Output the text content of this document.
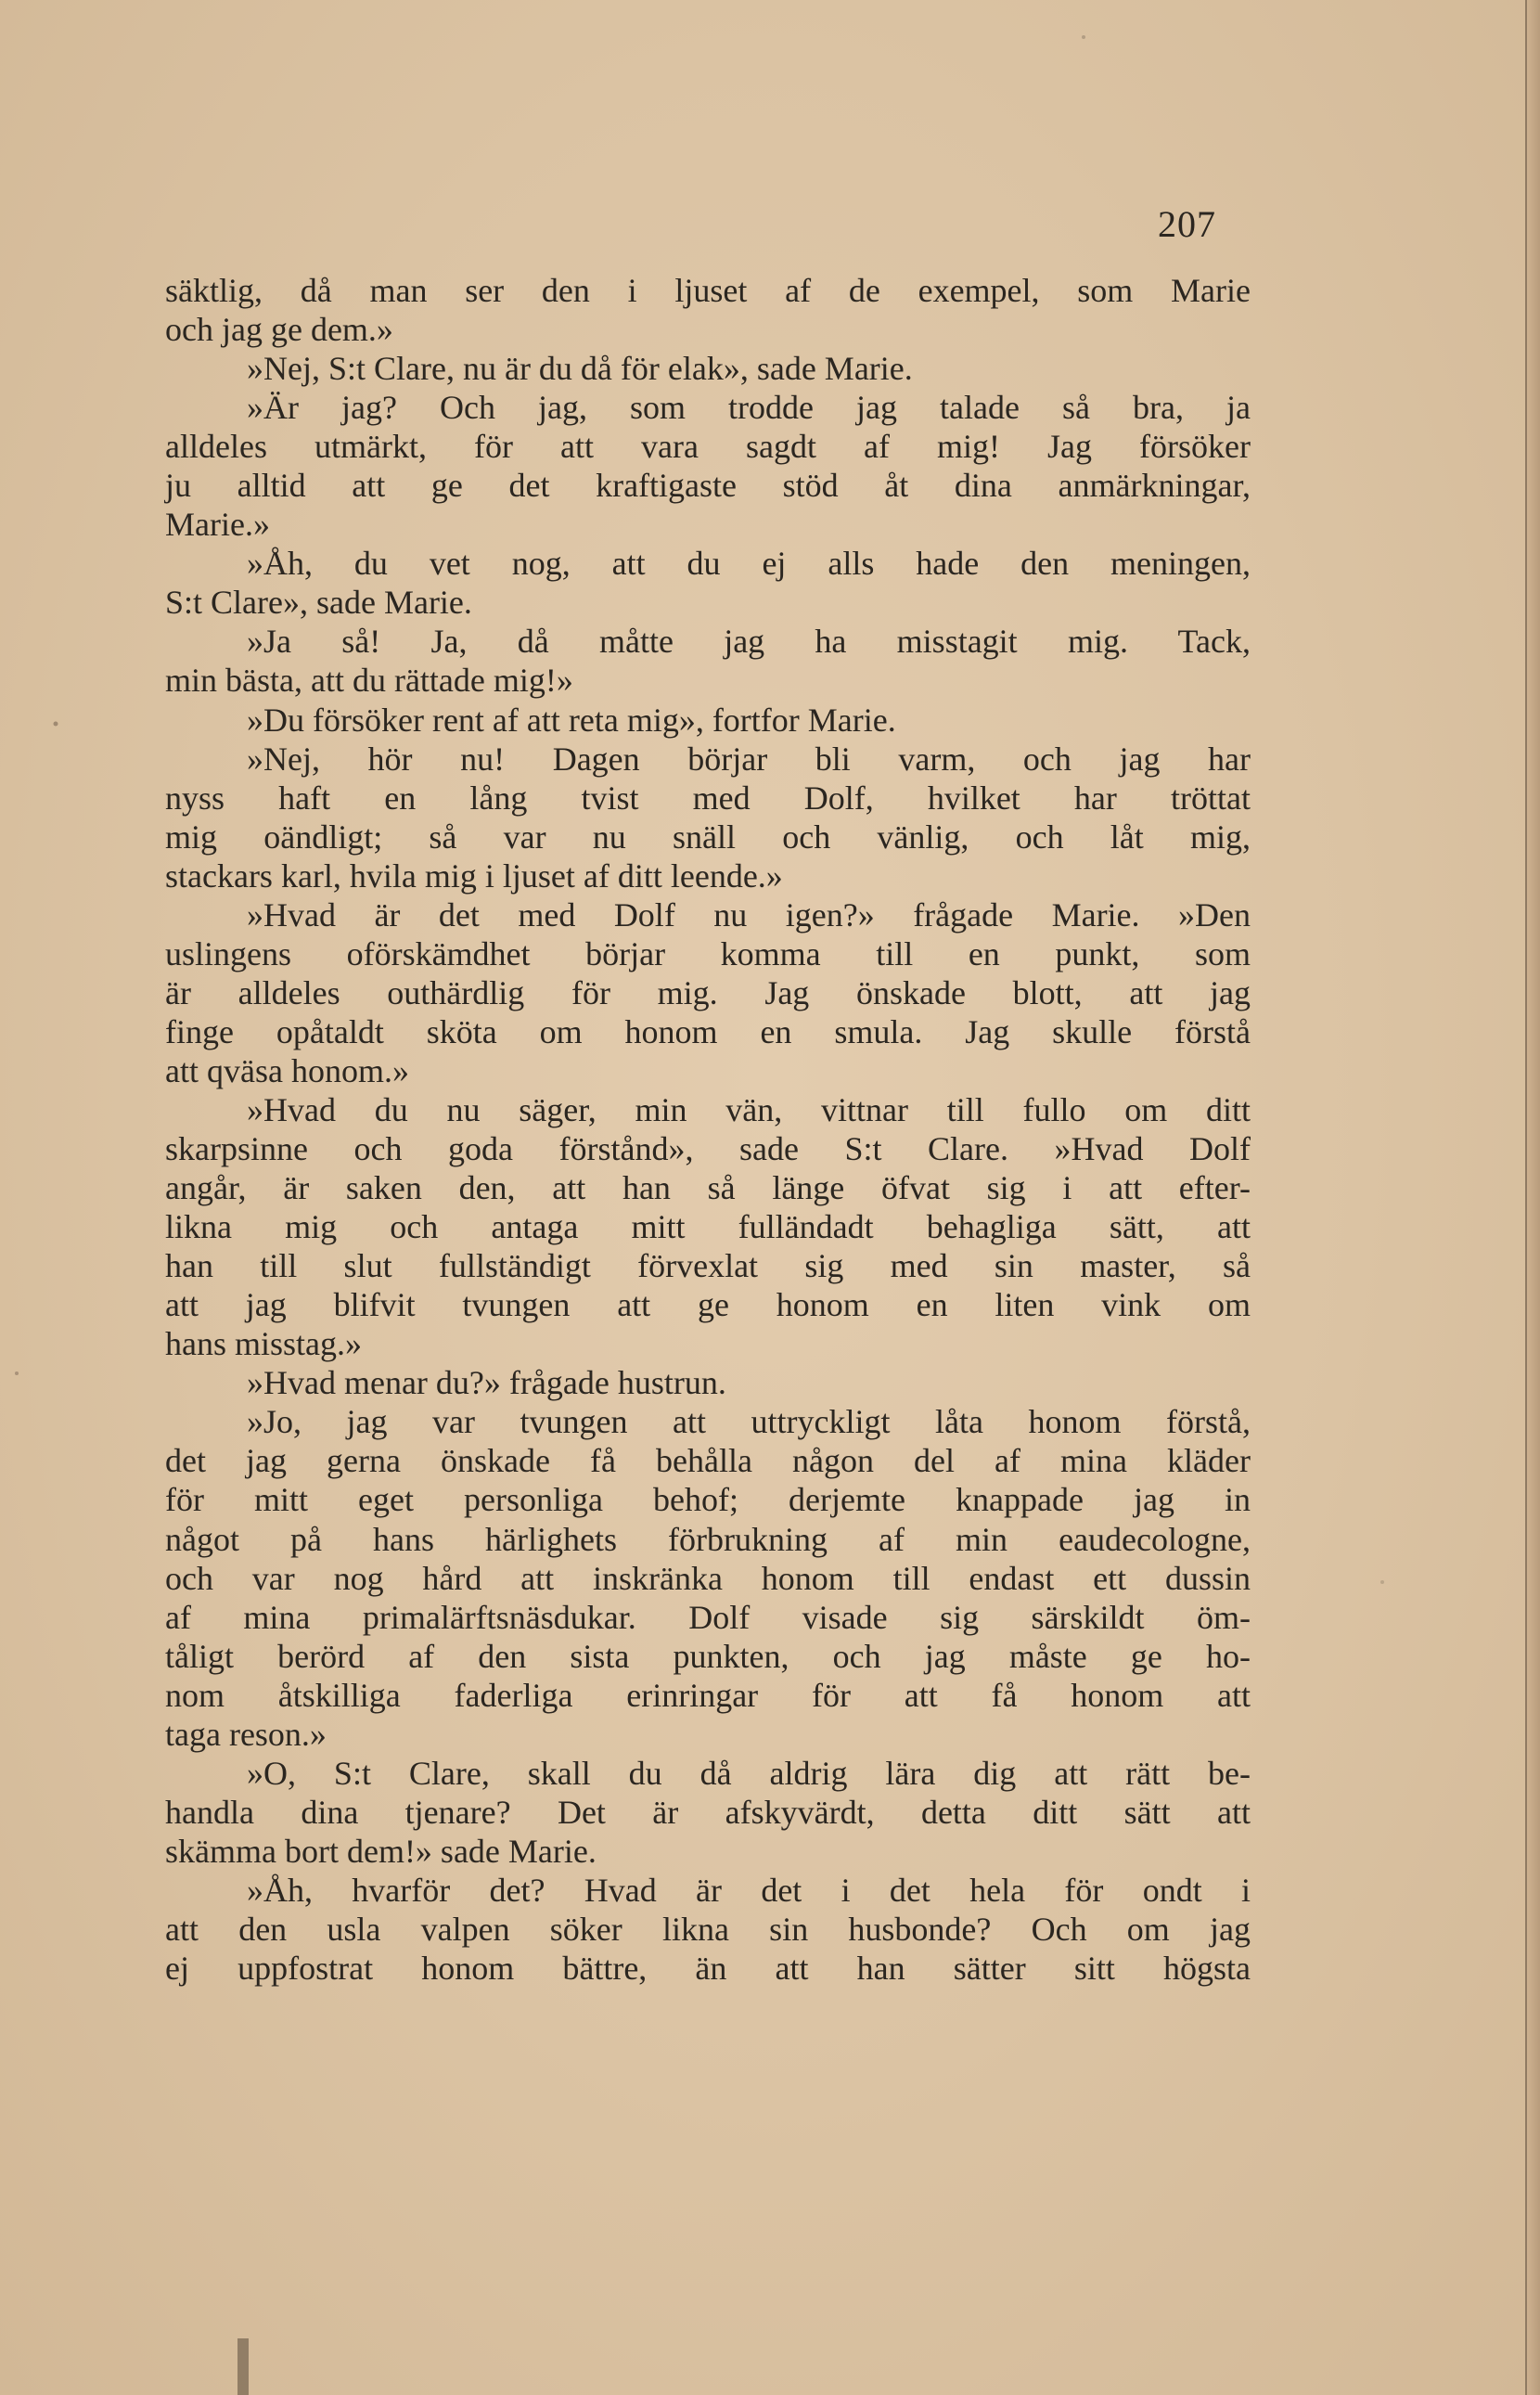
207
säktlig, då man ser den i ljuset af de exempel, som Marie
och jag ge dem.»
»Nej, S:t Clare, nu är du då för elak», sade Marie.
»Är jag? Och jag, som trodde jag talade så bra, ja
alldeles utmärkt, för att vara sagdt af mig! Jag försöker
ju alltid att ge det kraftigaste stöd åt dina anmärkningar,
Marie.»
»Åh, du vet nog, att du ej alls hade den meningen,
S:t Clare», sade Marie.
»Ja så! Ja, då måtte jag ha misstagit mig. Tack,
min bästa, att du rättade mig!»
»Du försöker rent af att reta mig», fortfor Marie.
»Nej, hör nu! Dagen börjar bli varm, och jag har
nyss haft en lång tvist med Dolf, hvilket har tröttat
mig oändligt; så var nu snäll och vänlig, och låt mig,
stackars karl, hvila mig i ljuset af ditt leende.»
»Hvad är det med Dolf nu igen?» frågade Marie. »Den
uslingens oförskämdhet börjar komma till en punkt, som
är alldeles outhärdlig för mig. Jag önskade blott, att jag
finge opåtaldt sköta om honom en smula. Jag skulle förstå
att qväsa honom.»
»Hvad du nu säger, min vän, vittnar till fullo om ditt
skarpsinne och goda förstånd», sade S:t Clare. »Hvad Dolf
angår, är saken den, att han så länge öfvat sig i att efter-
likna mig och antaga mitt fulländadt behagliga sätt, att
han till slut fullständigt förvexlat sig med sin master, så
att jag blifvit tvungen att ge honom en liten vink om
hans misstag.»
»Hvad menar du?» frågade hustrun.
»Jo, jag var tvungen att uttryckligt låta honom förstå,
det jag gerna önskade få behålla någon del af mina kläder
för mitt eget personliga behof; derjemte knappade jag in
något på hans härlighets förbrukning af min eaudecologne,
och var nog hård att inskränka honom till endast ett dussin
af mina primalärftsnäsdukar. Dolf visade sig särskildt öm-
tåligt berörd af den sista punkten, och jag måste ge ho-
nom åtskilliga faderliga erinringar för att få honom att
taga reson.»
»O, S:t Clare, skall du då aldrig lära dig att rätt be-
handla dina tjenare? Det är afskyvärdt, detta ditt sätt att
skämma bort dem!» sade Marie.
»Åh, hvarför det? Hvad är det i det hela för ondt i
att den usla valpen söker likna sin husbonde? Och om jag
ej uppfostrat honom bättre, än att han sätter sitt högsta
